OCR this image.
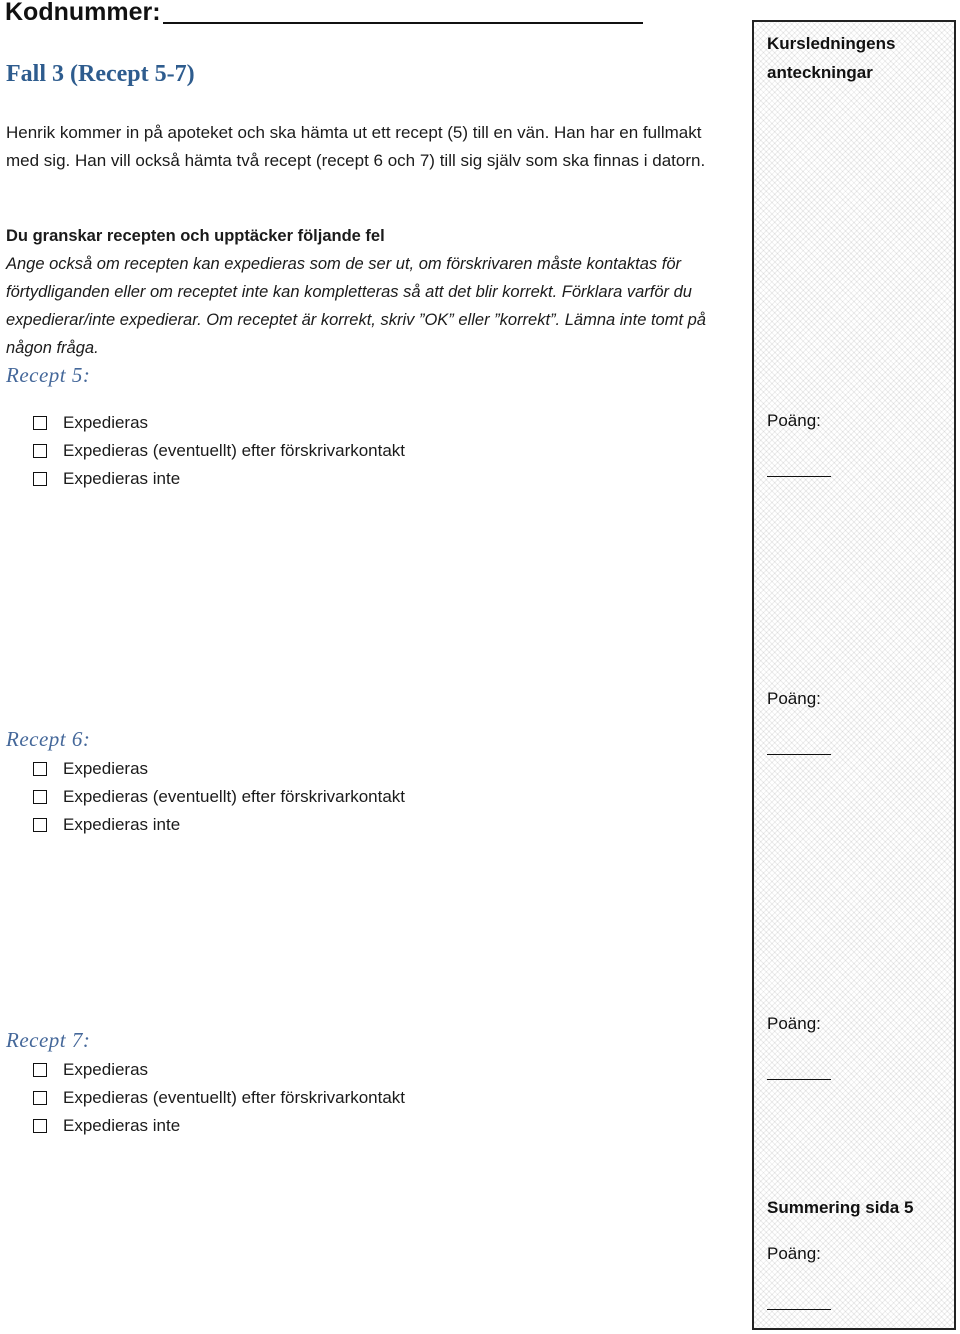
Kodnummer:
Fall 3 (Recept 5-7)
Henrik kommer in på apoteket och ska hämta ut ett recept (5) till en vän. Han har en fullmakt med sig. Han vill också hämta två recept (recept 6 och 7) till sig själv som ska finnas i datorn.
Du granskar recepten och upptäcker följande fel
Ange också om recepten kan expedieras som de ser ut, om förskrivaren måste kontaktas för förtydliganden eller om receptet inte kan kompletteras så att det blir korrekt. Förklara varför du expedierar/inte expedierar. Om receptet är korrekt, skriv ”OK” eller ”korrekt”. Lämna inte tomt på någon fråga.
Recept 5:
Expedieras
Expedieras (eventuellt) efter förskrivarkontakt
Expedieras inte
Recept 6:
Expedieras
Expedieras (eventuellt) efter förskrivarkontakt
Expedieras inte
Recept 7:
Expedieras
Expedieras (eventuellt) efter förskrivarkontakt
Expedieras inte
Kursledningens anteckningar
Poäng:
Poäng:
Poäng:
Summering sida 5
Poäng:
